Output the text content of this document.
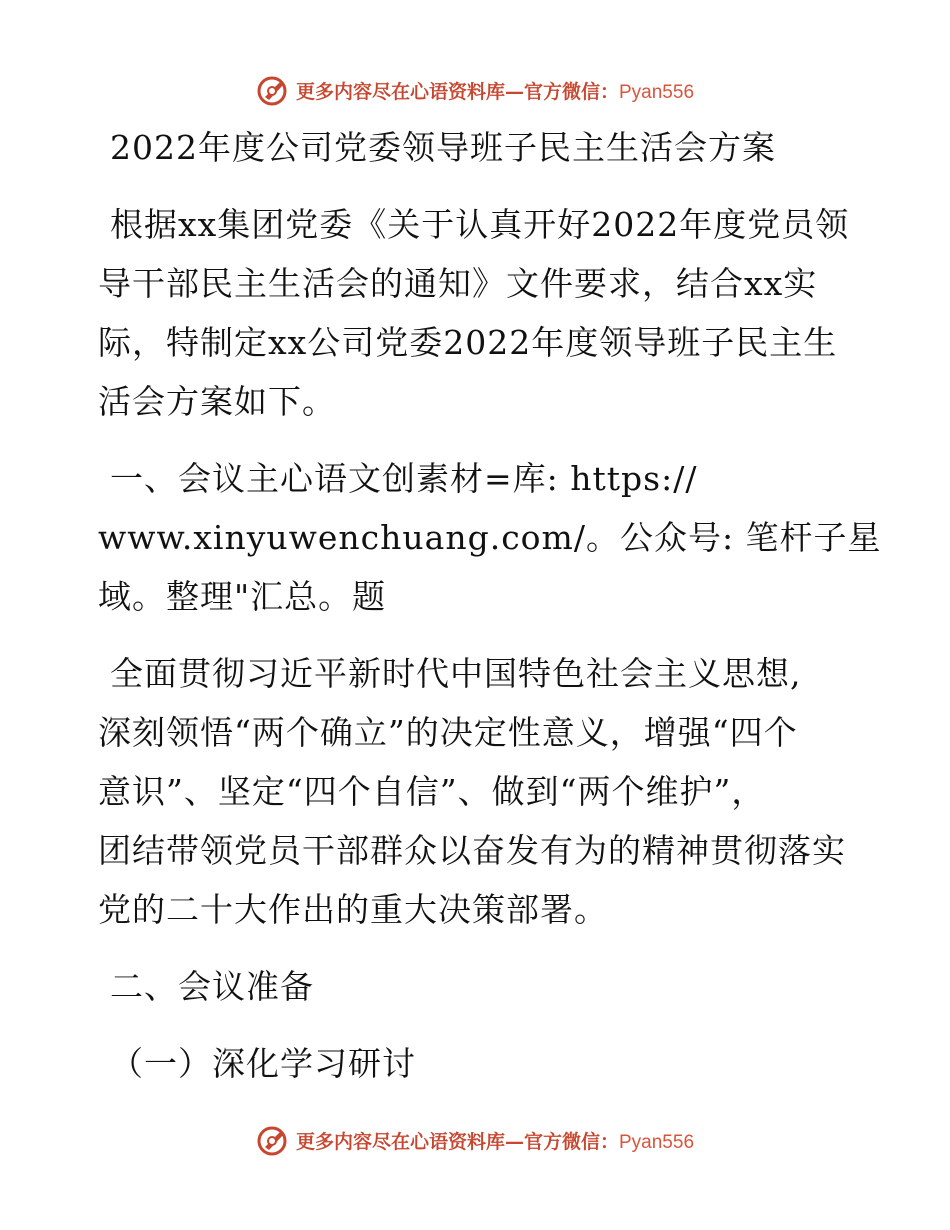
更多内容尽在心语资料库—官方微信：Pyan556

2022年度公司党委领导班子民主生活会方案

根据xx集团党委《关于认真开好2022年度党员领

导干部民主生活会的通知》文件要求，结合xx实

际，特制定xx公司党委2022年度领导班子民主生

活会方案如下。

一、会议主心语文创素材=库: https://

www.xinyuwenchuang.com/。公众号: 笔杆子星

域。整理"汇总。题

全面贯彻习近平新时代中国特色社会主义思想,

深刻领悟“两个确立”的决定性意义，增强“四个

意识”、坚定“四个自信”、做到“两个维护”，

团结带领党员干部群众以奋发有为的精神贯彻落实

党的二十大作出的重大决策部署。

二、会议准备

（一）深化学习研讨

更多内容尽在心语资料库—官方微信：Pyan556
